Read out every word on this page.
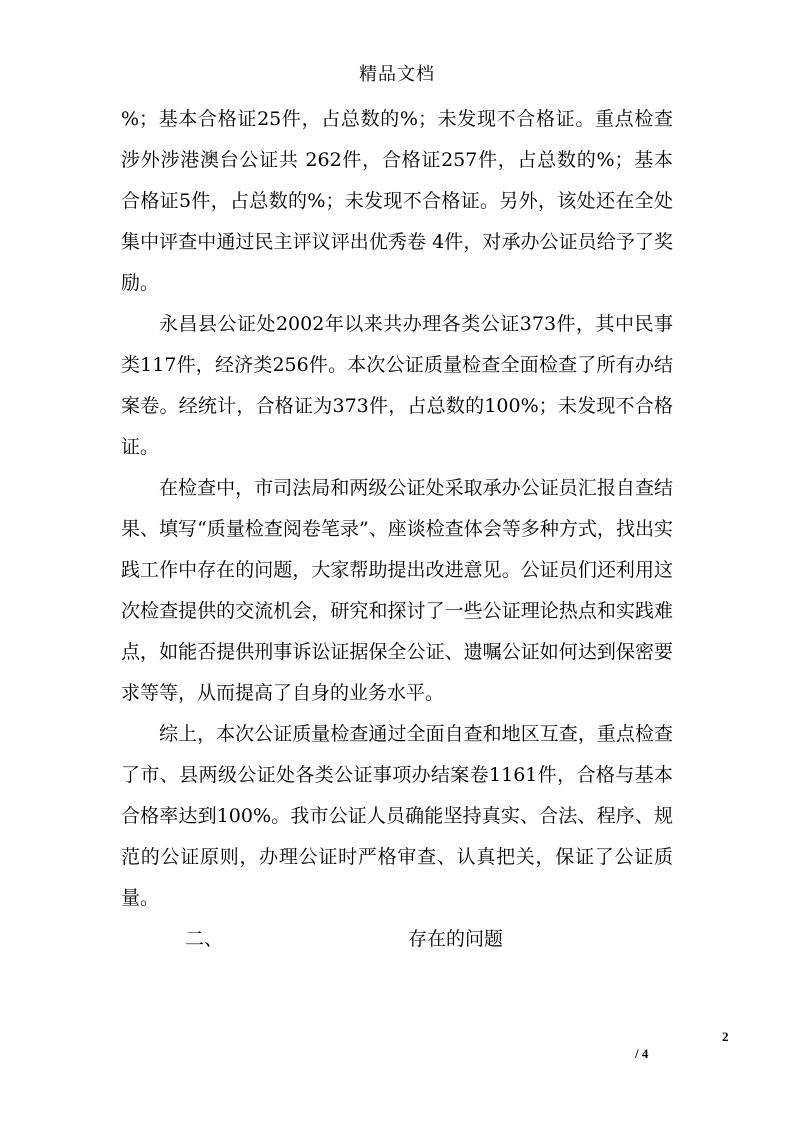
精品文档

%；基本合格证25件，占总数的%；未发现不合格证。重点检查涉外涉港澳台公证共 262件，合格证257件，占总数的%；基本合格证5件，占总数的%；未发现不合格证。另外，该处还在全处集中评查中通过民主评议评出优秀卷 4件，对承办公证员给予了奖励。

永昌县公证处2002年以来共办理各类公证373件，其中民事类117件，经济类256件。本次公证质量检查全面检查了所有办结案卷。经统计，合格证为373件，占总数的100%；未发现不合格证。

在检查中，市司法局和两级公证处采取承办公证员汇报自查结果、填写“质量检查阅卷笔录”、座谈检查体会等多种方式，找出实践工作中存在的问题，大家帮助提出改进意见。公证员们还利用这次检查提供的交流机会，研究和探讨了一些公证理论热点和实践难点，如能否提供刑事诉讼证据保全公证、遗嘱公证如何达到保密要求等等，从而提高了自身的业务水平。

综上，本次公证质量检查通过全面自查和地区互查，重点检查了市、县两级公证处各类公证事项办结案卷1161件，合格与基本合格率达到100%。我市公证人员确能坚持真实、合法、程序、规范的公证原则，办理公证时严格审查、认真把关，保证了公证质量。

二、	存在的问题
2
/ 4
